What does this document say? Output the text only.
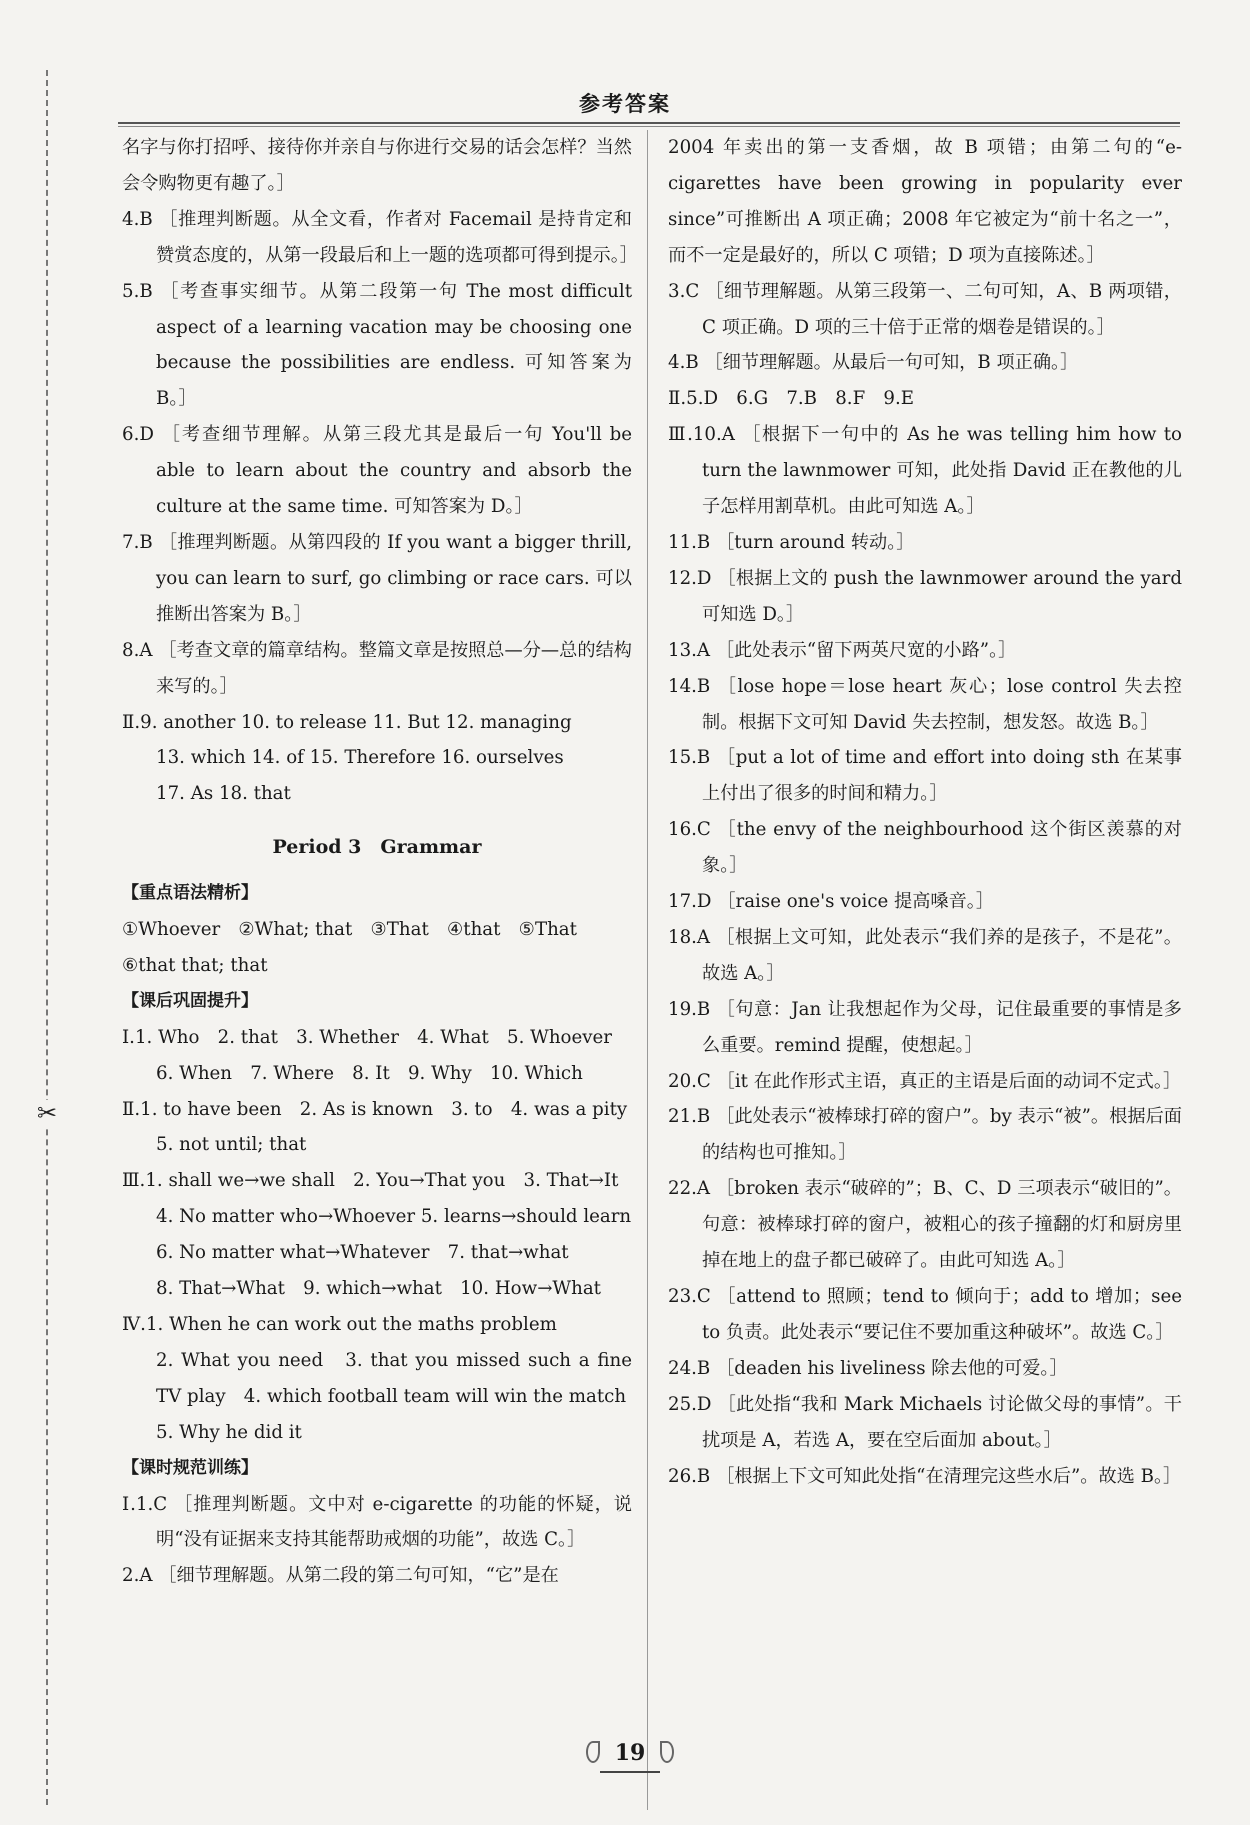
✂
参考答案

名字与你打招呼、接待你并亲自与你进行交易的话会怎样？当然会令购物更有趣了。］

4.B ［推理判断题。从全文看，作者对 Facemail 是持肯定和赞赏态度的，从第一段最后和上一题的选项都可得到提示。］

5.B ［考查事实细节。从第二段第一句 The most difficult aspect of a learning vacation may be choosing one because the possibilities are endless. 可知答案为 B。］

6.D ［考查细节理解。从第三段尤其是最后一句 You'll be able to learn about the country and absorb the culture at the same time. 可知答案为 D。］

7.B ［推理判断题。从第四段的 If you want a bigger thrill, you can learn to surf, go climbing or race cars. 可以推断出答案为 B。］

8.A ［考查文章的篇章结构。整篇文章是按照总—分—总的结构来写的。］

Ⅱ.9. another 10. to release 11. But 12. managing

13. which 14. of 15. Therefore 16. ourselves

17. As 18. that

Period 3　Grammar

【重点语法精析】

①Whoever　②What; that　③That　④that　⑤That

⑥that that; that

【课后巩固提升】

Ⅰ.1. Who　2. that　3. Whether　4. What　5. Whoever

6. When　7. Where　8. It　9. Why　10. Which

Ⅱ.1. to have been　2. As is known　3. to　4. was a pity

5. not until; that

Ⅲ.1. shall we→we shall　2. You→That you　3. That→It

4. No matter who→Whoever 5. learns→should learn

6. No matter what→Whatever　7. that→what

8. That→What　9. which→what　10. How→What

Ⅳ.1. When he can work out the maths problem

2. What you need　3. that you missed such a fine TV play　4. which football team will win the match

5. Why he did it

【课时规范训练】

Ⅰ.1.C ［推理判断题。文中对 e-cigarette 的功能的怀疑，说明“没有证据来支持其能帮助戒烟的功能”，故选 C。］

2.A ［细节理解题。从第二段的第二句可知，“它”是在

2004 年卖出的第一支香烟，故 B 项错；由第二句的“e-cigarettes have been growing in popularity ever since”可推断出 A 项正确；2008 年它被定为“前十名之一”，而不一定是最好的，所以 C 项错；D 项为直接陈述。］

3.C ［细节理解题。从第三段第一、二句可知，A、B 两项错，C 项正确。D 项的三十倍于正常的烟卷是错误的。］

4.B ［细节理解题。从最后一句可知，B 项正确。］

Ⅱ.5.D　6.G　7.B　8.F　9.E

Ⅲ.10.A ［根据下一句中的 As he was telling him how to turn the lawnmower 可知，此处指 David 正在教他的儿子怎样用割草机。由此可知选 A。］

11.B ［turn around 转动。］

12.D ［根据上文的 push the lawnmower around the yard 可知选 D。］

13.A ［此处表示“留下两英尺宽的小路”。］

14.B ［lose hope＝lose heart 灰心；lose control 失去控制。根据下文可知 David 失去控制，想发怒。故选 B。］

15.B ［put a lot of time and effort into doing sth 在某事上付出了很多的时间和精力。］

16.C ［the envy of the neighbourhood 这个街区羡慕的对象。］

17.D ［raise one's voice 提高嗓音。］

18.A ［根据上文可知，此处表示“我们养的是孩子，不是花”。故选 A。］

19.B ［句意：Jan 让我想起作为父母，记住最重要的事情是多么重要。remind 提醒，使想起。］

20.C ［it 在此作形式主语，真正的主语是后面的动词不定式。］

21.B ［此处表示“被棒球打碎的窗户”。by 表示“被”。根据后面的结构也可推知。］

22.A ［broken 表示“破碎的”；B、C、D 三项表示“破旧的”。句意：被棒球打碎的窗户，被粗心的孩子撞翻的灯和厨房里掉在地上的盘子都已破碎了。由此可知选 A。］

23.C ［attend to 照顾；tend to 倾向于；add to 增加；see to 负责。此处表示“要记住不要加重这种破坏”。故选 C。］

24.B ［deaden his liveliness 除去他的可爱。］

25.D ［此处指“我和 Mark Michaels 讨论做父母的事情”。干扰项是 A，若选 A，要在空后面加 about。］

26.B ［根据上下文可知此处指“在清理完这些水后”。故选 B。］

19
